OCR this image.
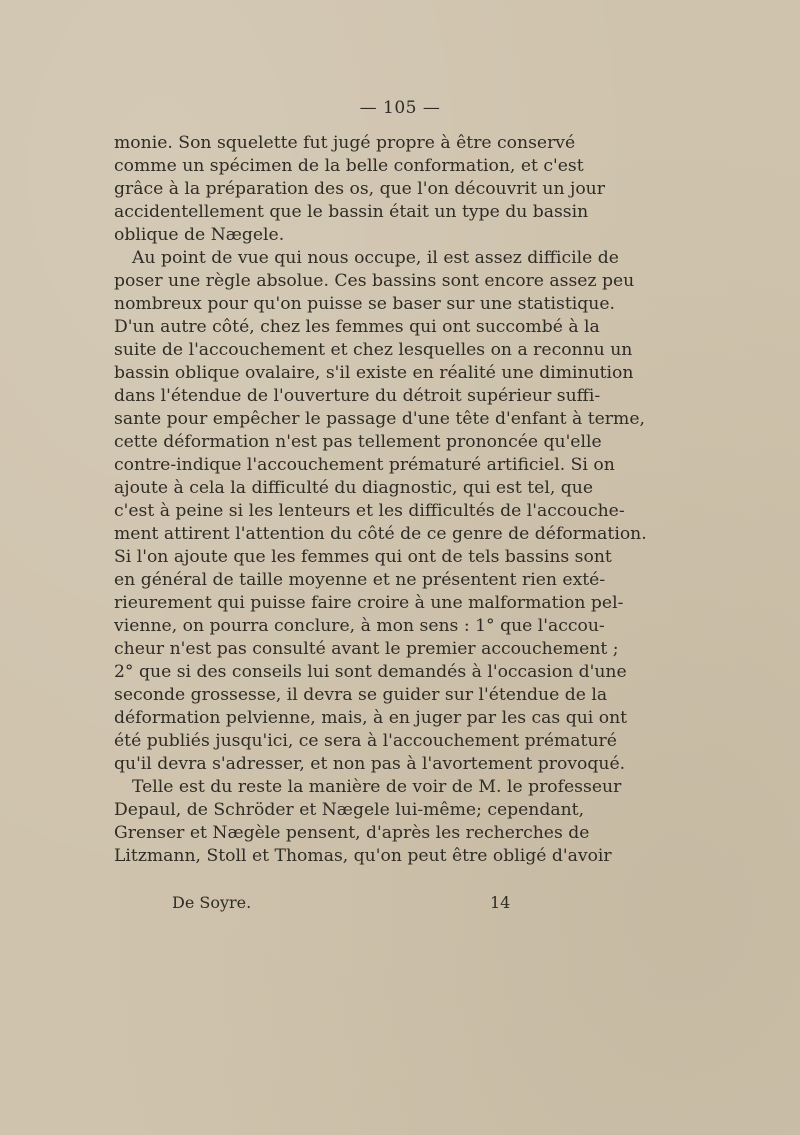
— 105 —
monie. Son squelette fut jugé propre à être conservé
comme un spécimen de la belle conformation, et c'est
grâce à la préparation des os, que l'on découvrit un jour
accidentellement que le bassin était un type du bassin
oblique de Nægele.
Au point de vue qui nous occupe, il est assez difficile de
poser une règle absolue. Ces bassins sont encore assez peu
nombreux pour qu'on puisse se baser sur une statistique.
D'un autre côté, chez les femmes qui ont succombé à la
suite de l'accouchement et chez lesquelles on a reconnu un
bassin oblique ovalaire, s'il existe en réalité une diminution
dans l'étendue de l'ouverture du détroit supérieur suffi-
sante pour empêcher le passage d'une tête d'enfant à terme,
cette déformation n'est pas tellement prononcée qu'elle
contre-indique l'accouchement prématuré artificiel. Si on
ajoute à cela la difficulté du diagnostic, qui est tel, que
c'est à peine si les lenteurs et les difficultés de l'accouche-
ment attirent l'attention du côté de ce genre de déformation.
Si l'on ajoute que les femmes qui ont de tels bassins sont
en général de taille moyenne et ne présentent rien exté-
rieurement qui puisse faire croire à une malformation pel-
vienne, on pourra conclure, à mon sens : 1° que l'accou-
cheur n'est pas consulté avant le premier accouchement ;
2° que si des conseils lui sont demandés à l'occasion d'une
seconde grossesse, il devra se guider sur l'étendue de la
déformation pelvienne, mais, à en juger par les cas qui ont
été publiés jusqu'ici, ce sera à l'accouchement prématuré
qu'il devra s'adresser, et non pas à l'avortement provoqué.
Telle est du reste la manière de voir de M. le professeur
Depaul, de Schröder et Nægele lui-même; cependant,
Grenser et Nægèle pensent, d'après les recherches de
Litzmann, Stoll et Thomas, qu'on peut être obligé d'avoir
De Soyre.	14
